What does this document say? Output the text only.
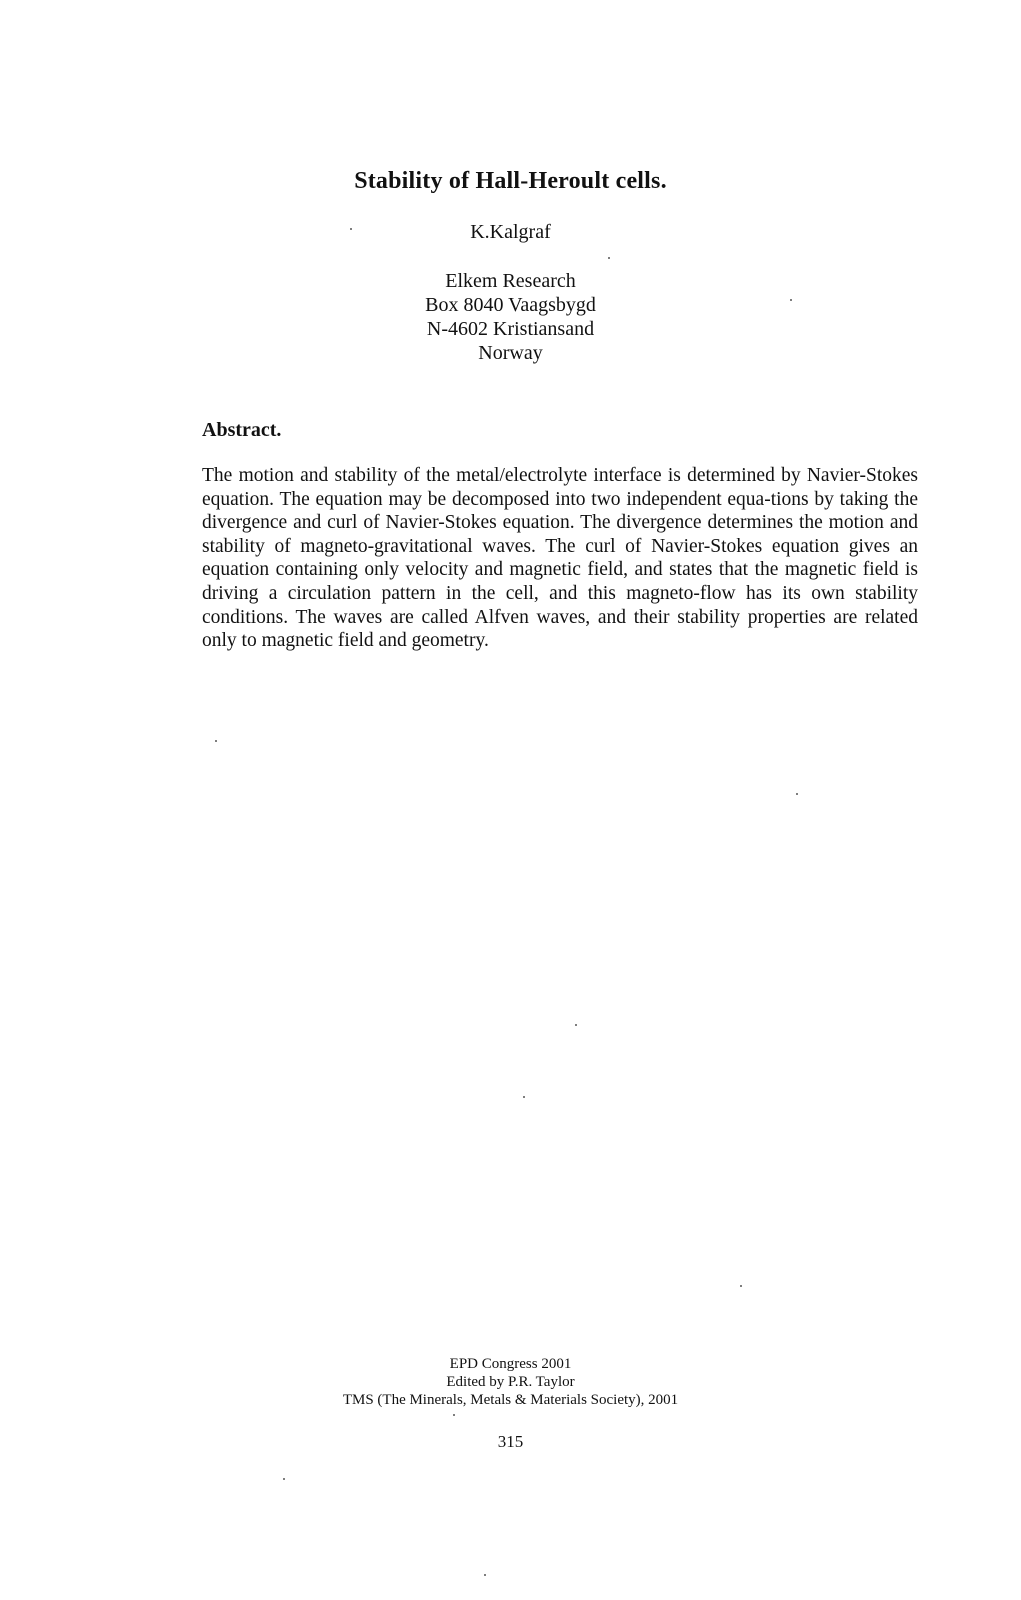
Stability of Hall-Heroult cells.
K.Kalgraf
Elkem Research
Box 8040 Vaagsbygd
N-4602 Kristiansand
Norway
Abstract.
The motion and stability of the metal/electrolyte interface is determined by Navier-Stokes equation. The equation may be decomposed into two independent equa-tions by taking the divergence and curl of Navier-Stokes equation. The divergence determines the motion and stability of magneto-gravitational waves. The curl of Navier-Stokes equation gives an equation containing only velocity and magnetic field, and states that the magnetic field is driving a circulation pattern in the cell, and this magneto-flow has its own stability conditions. The waves are called Alfven waves, and their stability properties are related only to magnetic field and geometry.
EPD Congress 2001
Edited by P.R. Taylor
TMS (The Minerals, Metals & Materials Society), 2001
315
